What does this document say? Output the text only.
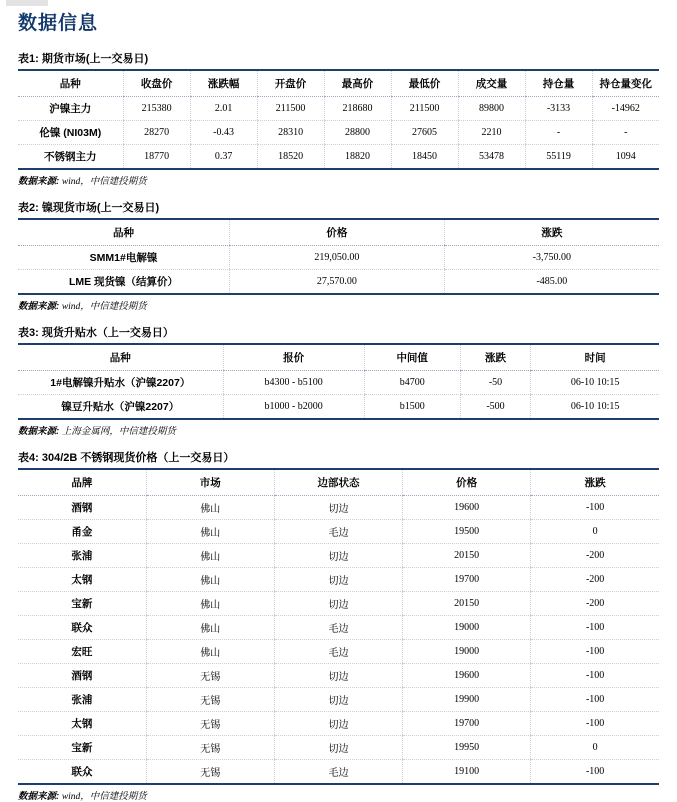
数据信息
表1: 期货市场(上一交易日)
品种	收盘价	涨跌幅	开盘价	最高价	最低价	成交量	持仓量	持仓量变化
沪镍主力	215380	2.01	211500	218680	211500	89800	-3133	-14962
伦镍 (NI03M)	28270	-0.43	28310	28800	27605	2210	-	-
不锈钢主力	18770	0.37	18520	18820	18450	53478	55119	1094
数据来源: wind，中信建投期货
表2: 镍现货市场(上一交易日)
品种	价格	涨跌
SMM1#电解镍	219,050.00	-3,750.00
LME 现货镍（结算价）	27,570.00	-485.00
数据来源: wind，中信建投期货
表3: 现货升贴水（上一交易日）
品种	报价	中间值	涨跌	时间
1#电解镍升贴水（沪镍2207）	b4300 - b5100	b4700	-50	06-10 10:15
镍豆升贴水（沪镍2207）	b1000 - b2000	b1500	-500	06-10 10:15
数据来源: 上海金属网，中信建投期货
表4: 304/2B 不锈钢现货价格（上一交易日）
品牌	市场	边部状态	价格	涨跌
酒钢	佛山	切边	19600	-100
甬金	佛山	毛边	19500	0
张浦	佛山	切边	20150	-200
太钢	佛山	切边	19700	-200
宝新	佛山	切边	20150	-200
联众	佛山	毛边	19000	-100
宏旺	佛山	毛边	19000	-100
酒钢	无锡	切边	19600	-100
张浦	无锡	切边	19900	-100
太钢	无锡	切边	19700	-100
宝新	无锡	切边	19950	0
联众	无锡	毛边	19100	-100
数据来源: wind，中信建投期货
